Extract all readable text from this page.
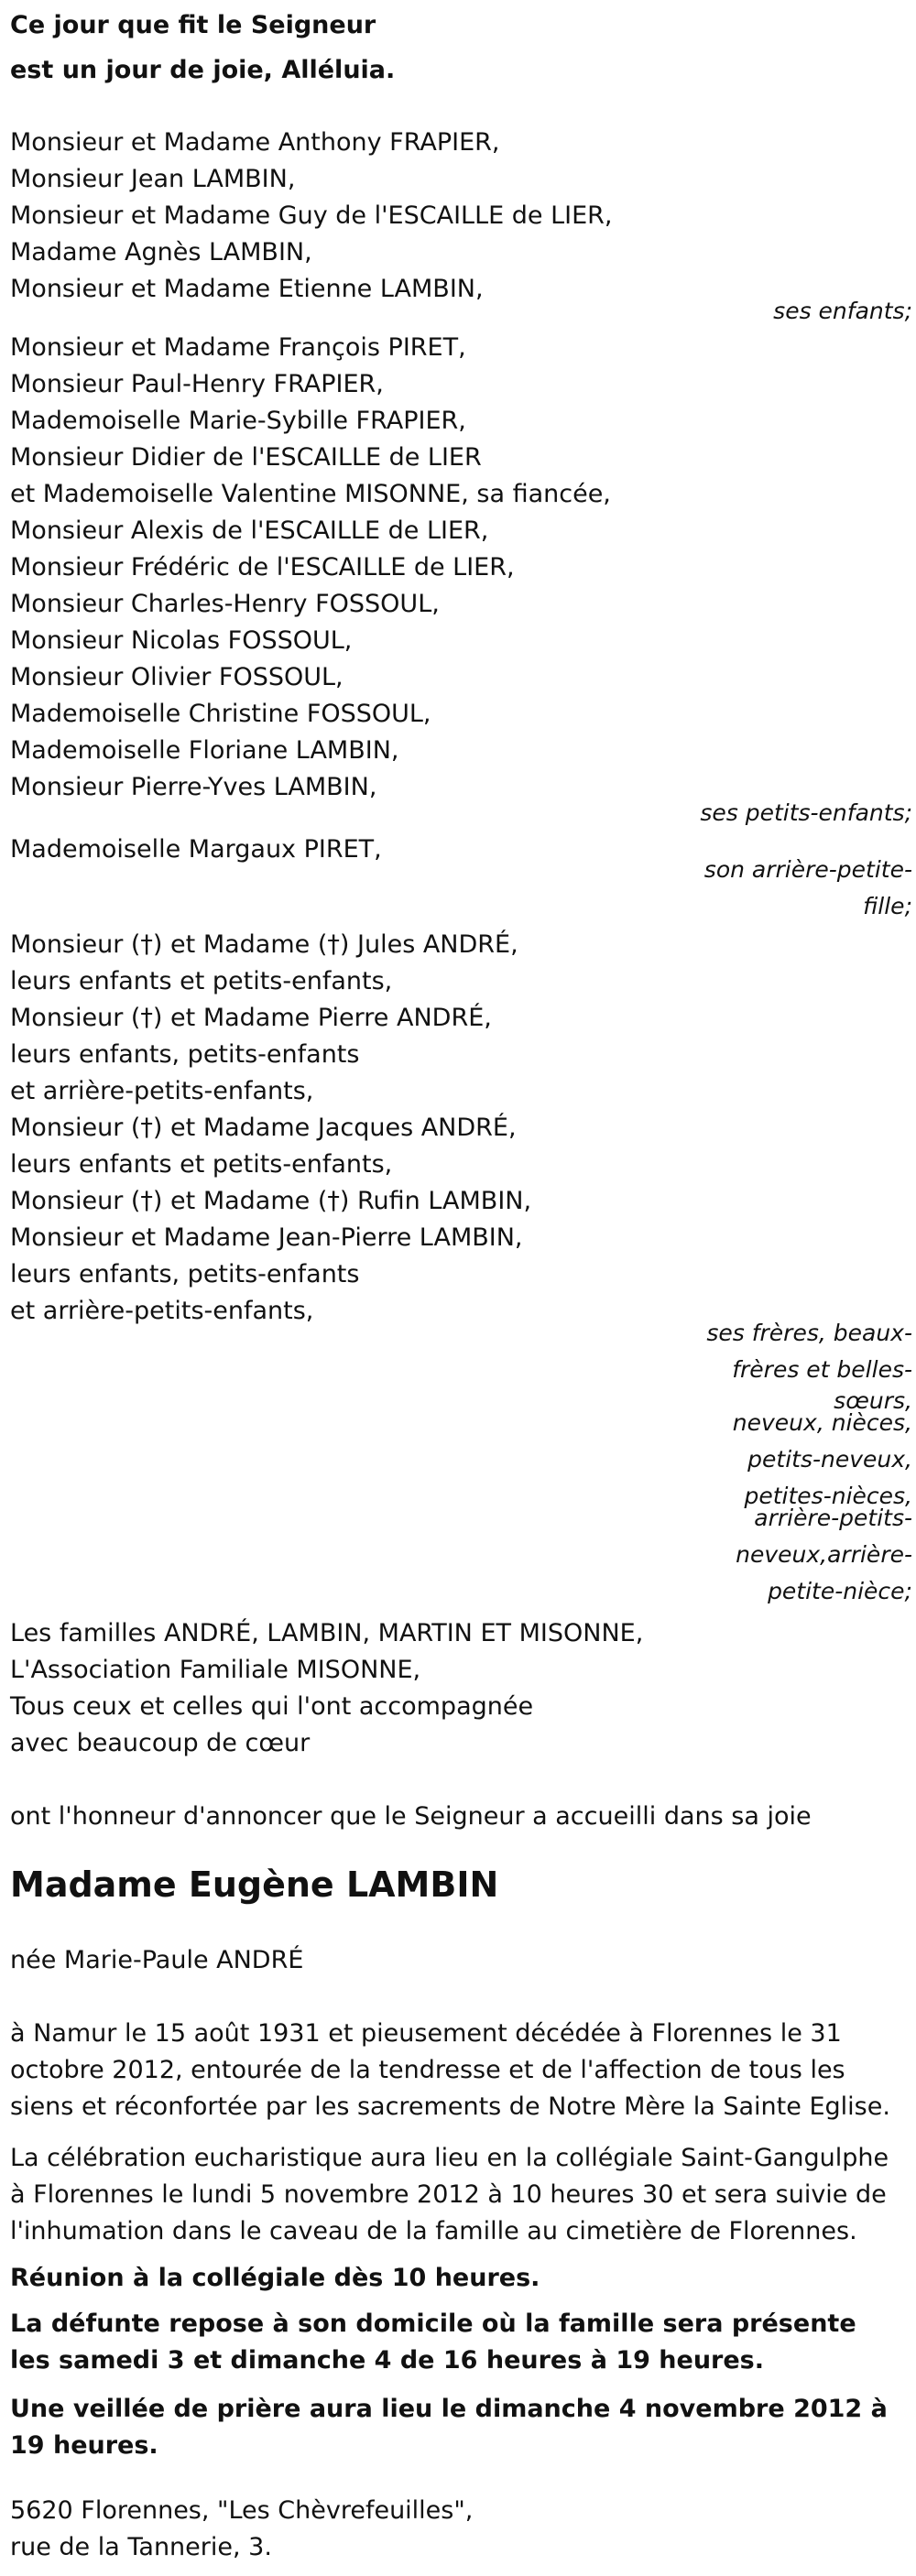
Ce jour que fit le Seigneur
est un jour de joie, Alléluia.
Monsieur et Madame Anthony FRAPIER,
Monsieur Jean LAMBIN,
Monsieur et Madame Guy de l'ESCAILLE de LIER,
Madame Agnès LAMBIN,
Monsieur et Madame Etienne LAMBIN,
ses enfants;
Monsieur et Madame François PIRET,
Monsieur Paul-Henry FRAPIER,
Mademoiselle Marie-Sybille FRAPIER,
Monsieur Didier de l'ESCAILLE de LIER
et Mademoiselle Valentine MISONNE, sa fiancée,
Monsieur Alexis de l'ESCAILLE de LIER,
Monsieur Frédéric de l'ESCAILLE de LIER,
Monsieur Charles-Henry FOSSOUL,
Monsieur Nicolas FOSSOUL,
Monsieur Olivier FOSSOUL,
Mademoiselle Christine FOSSOUL,
Mademoiselle Floriane LAMBIN,
Monsieur Pierre-Yves LAMBIN,
ses petits-enfants;
Mademoiselle Margaux PIRET,
son arrière-petite-
fille;
Monsieur (†) et Madame (†) Jules ANDRÉ,
leurs enfants et petits-enfants,
Monsieur (†) et Madame Pierre ANDRÉ,
leurs enfants, petits-enfants
et arrière-petits-enfants,
Monsieur (†) et Madame Jacques ANDRÉ,
leurs enfants et petits-enfants,
Monsieur (†) et Madame (†) Rufin LAMBIN,
Monsieur et Madame Jean-Pierre LAMBIN,
leurs enfants, petits-enfants
et arrière-petits-enfants,
ses frères, beaux-
frères et belles-
sœurs,
neveux, nièces,
petits-neveux,
petites-nièces,
arrière-petits-
neveux,arrière-
petite-nièce;
Les familles ANDRÉ, LAMBIN, MARTIN ET MISONNE,
L'Association Familiale MISONNE,
Tous ceux et celles qui l'ont accompagnée
avec beaucoup de cœur
ont l'honneur d'annoncer que le Seigneur a accueilli dans sa joie
Madame Eugène LAMBIN
née Marie-Paule ANDRÉ
à Namur le 15 août 1931 et pieusement décédée à Florennes le 31 octobre 2012, entourée de la tendresse et de l'affection de tous les siens et réconfortée par les sacrements de Notre Mère la Sainte Eglise.
La célébration eucharistique aura lieu en la collégiale Saint-Gangulphe à Florennes le lundi 5 novembre 2012 à 10 heures 30 et sera suivie de l'inhumation dans le caveau de la famille au cimetière de Florennes.
Réunion à la collégiale dès 10 heures.
La défunte repose à son domicile où la famille sera présente les samedi 3 et dimanche 4 de 16 heures à 19 heures.
Une veillée de prière aura lieu le dimanche 4 novembre 2012 à 19 heures.
5620 Florennes, "Les Chèvrefeuilles",
rue de la Tannerie, 3.
